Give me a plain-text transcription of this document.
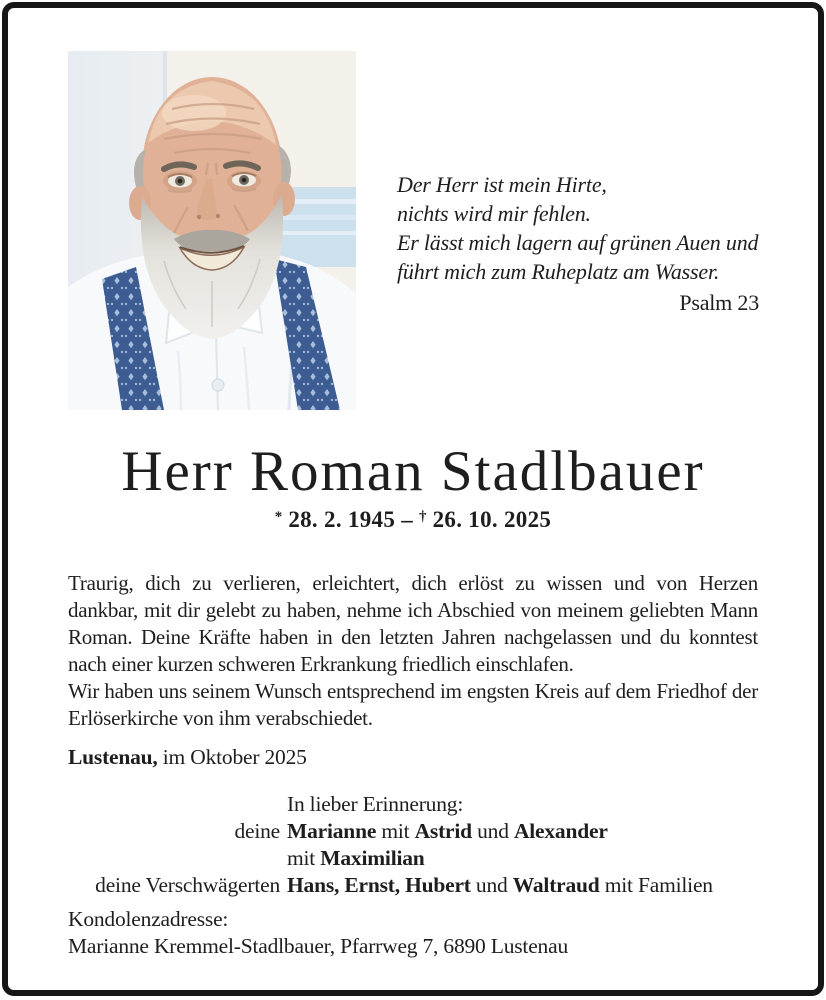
Der Herr ist mein Hirte,
nichts wird mir fehlen.
Er lässt mich lagern auf grünen Auen und
führt mich zum Ruheplatz am Wasser.
Psalm 23
Herr Roman Stadlbauer
* 28. 2. 1945 – † 26. 10. 2025
Traurig, dich zu verlieren, erleichtert, dich erlöst zu wissen und von Herzen dankbar, mit dir gelebt zu haben, nehme ich Abschied von meinem geliebten Mann Roman. Deine Kräfte haben in den letzten Jahren nachgelassen und du konntest nach einer kurzen schweren Erkrankung friedlich einschlafen.
Wir haben uns seinem Wunsch entsprechend im engsten Kreis auf dem Friedhof der Erlöserkirche von ihm verabschiedet.
Lustenau, im Oktober 2025
In lieber Erinnerung:
deine Marianne mit Astrid und Alexander
mit Maximilian
deine Verschwägerten Hans, Ernst, Hubert und Waltraud mit Familien
Kondolenzadresse:
Marianne Kremmel-Stadlbauer, Pfarrweg 7, 6890 Lustenau
